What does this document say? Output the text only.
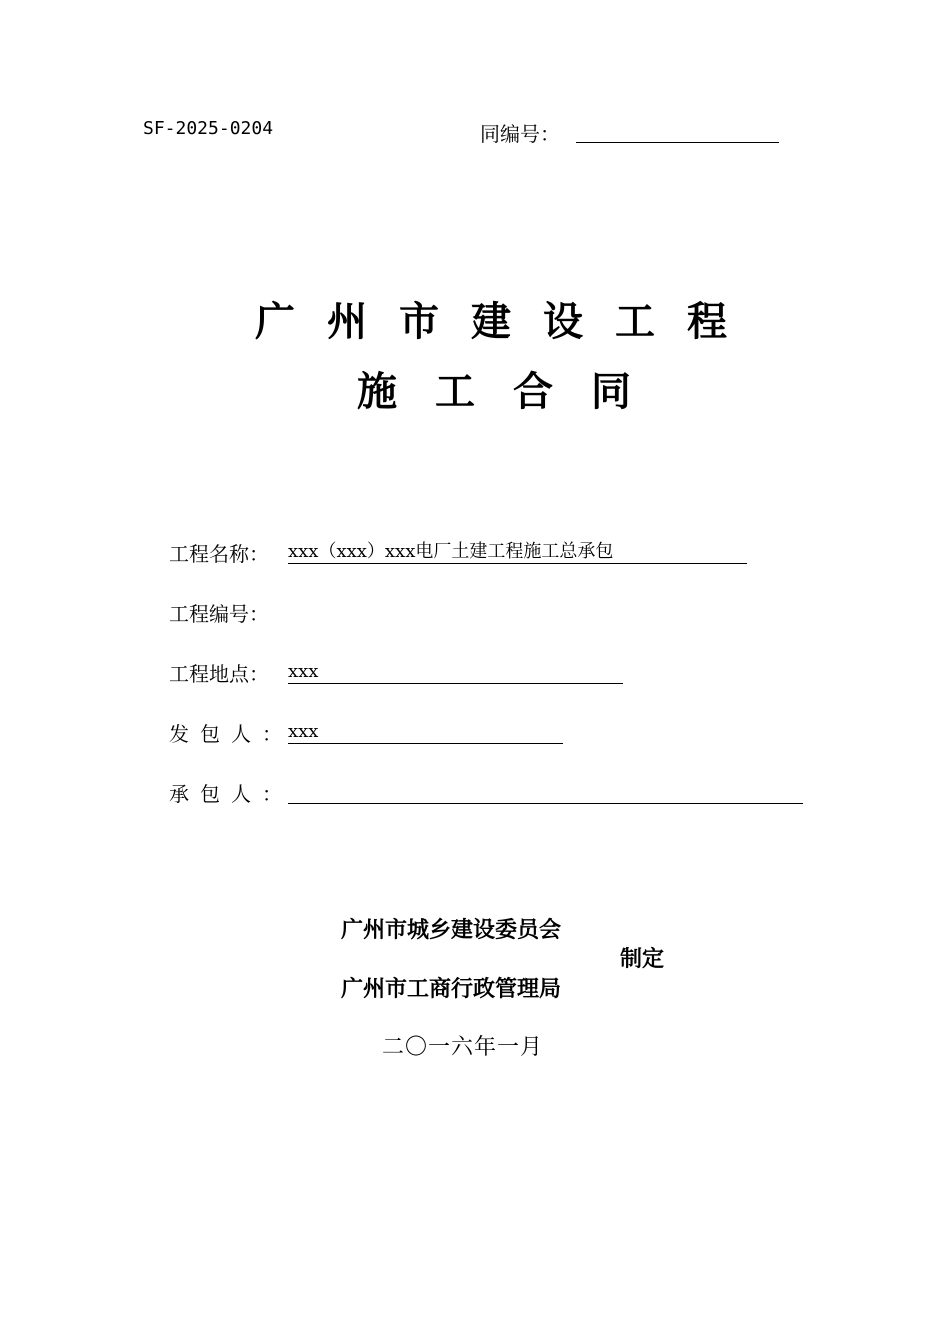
SF-2025-0204	同编号：
广州市建设工程
施工合同
工程名称： xxx（xxx）xxx电厂土建工程施工总承包
工程编号：
工程地点： xxx
发包人：
xxx
承包人：
广州市城乡建设委员会
广州市工商行政管理局
制定
二〇一六年一月
